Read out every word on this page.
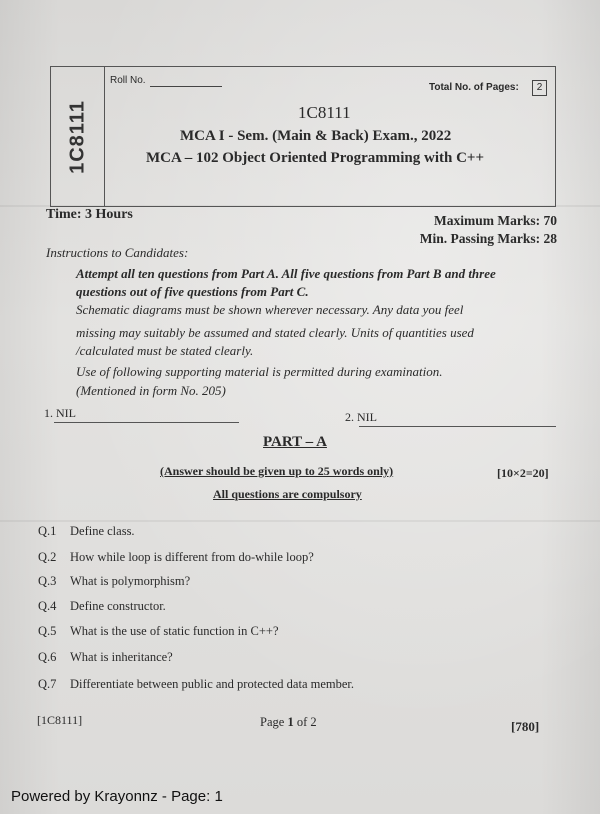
1C8111
Roll No.
Total No. of Pages:	2
1C8111
MCA I - Sem. (Main & Back) Exam., 2022
MCA – 102 Object Oriented Programming with C++
Time: 3 Hours	Maximum Marks: 70
Min. Passing Marks: 28
Instructions to Candidates:
Attempt all ten questions from Part A. All five questions from Part B and three
questions out of five questions from Part C.
Schematic diagrams must be shown wherever necessary. Any data you feel
missing may suitably be assumed and stated clearly. Units of quantities used
/calculated must be stated clearly.
Use of following supporting material is permitted during examination.
(Mentioned in form No. 205)
1. NIL	2. NIL
PART – A
(Answer should be given up to 25 words only)	[10×2=20]
All questions are compulsory
Q.1 Define class.
Q.2 How while loop is different from do-while loop?
Q.3 What is polymorphism?
Q.4 Define constructor.
Q.5 What is the use of static function in C++?
Q.6 What is inheritance?
Q.7 Differentiate between public and protected data member.
[1C8111]	Page 1 of 2	[780]
Powered by Krayonnz - Page: 1
